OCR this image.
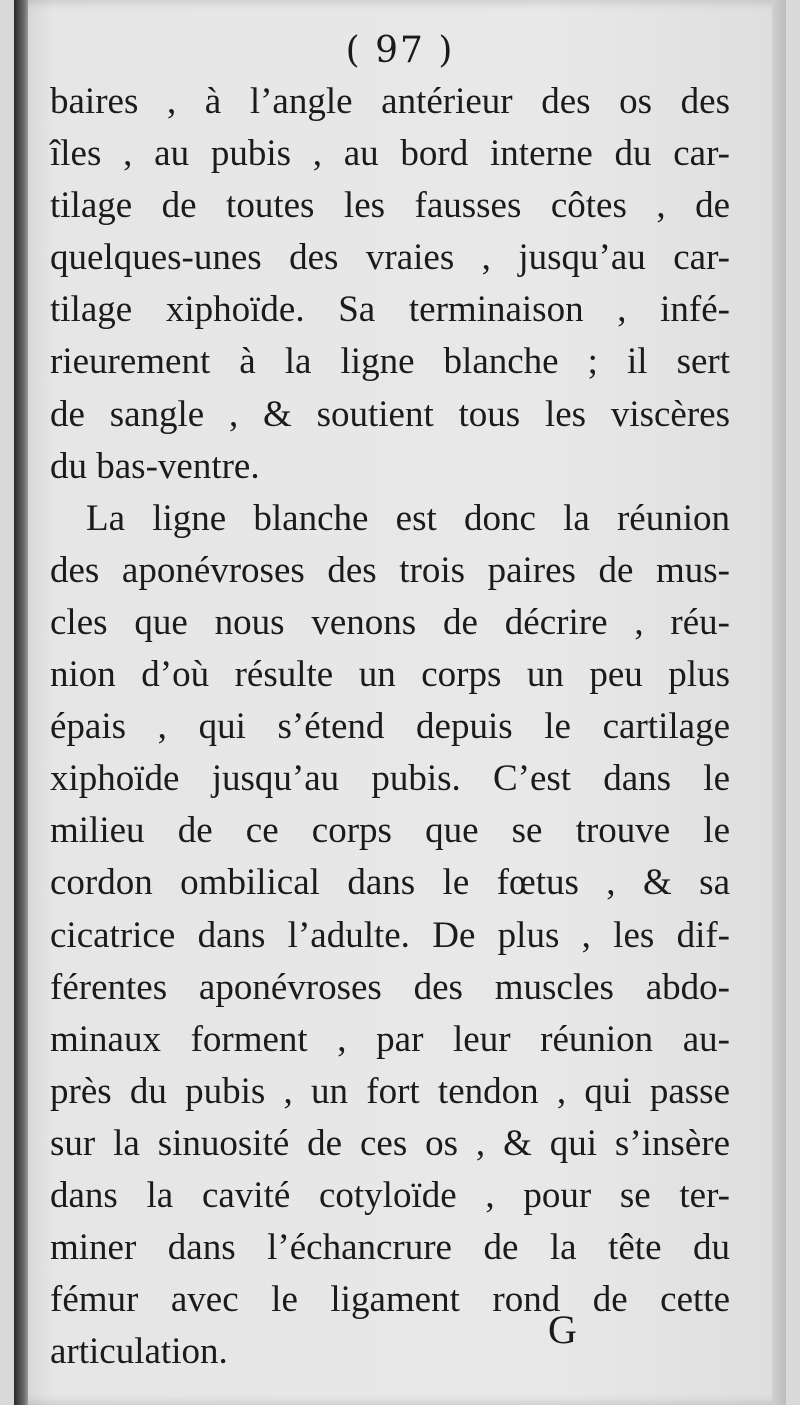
( 97 )
baires , à l’angle antérieur des os des
îles , au pubis , au bord interne du car-
tilage de toutes les fausses côtes , de
quelques-unes des vraies , jusqu’au car-
tilage xiphoïde. Sa terminaison , infé-
rieurement à la ligne blanche ; il sert
de sangle , & soutient tous les viscères
du bas-ventre.
La ligne blanche est donc la réunion
des aponévroses des trois paires de mus-
cles que nous venons de décrire , réu-
nion d’où résulte un corps un peu plus
épais , qui s’étend depuis le cartilage
xiphoïde jusqu’au pubis. C’est dans le
milieu de ce corps que se trouve le
cordon ombilical dans le fœtus , & sa
cicatrice dans l’adulte. De plus , les dif-
férentes aponévroses des muscles abdo-
minaux forment , par leur réunion au-
près du pubis , un fort tendon , qui passe
sur la sinuosité de ces os , & qui s’insère
dans la cavité cotyloïde , pour se ter-
miner dans l’échancrure de la tête du
fémur avec le ligament rond de cette
articulation.	G
